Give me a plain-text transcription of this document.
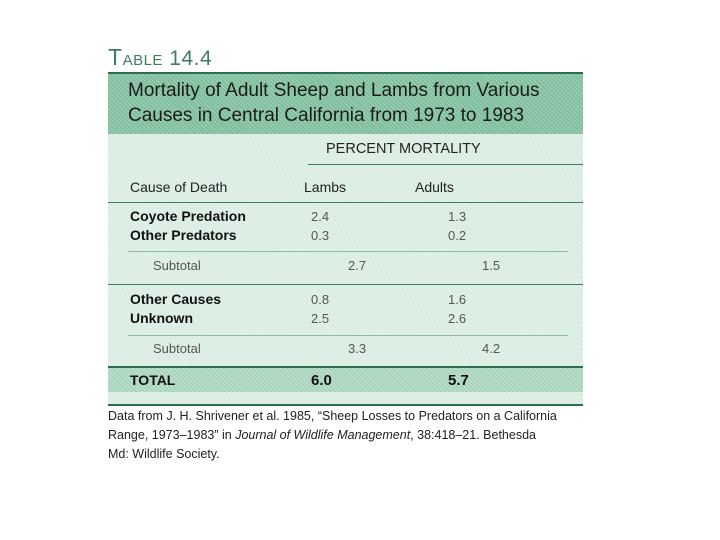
TABLE 14.4
Mortality of Adult Sheep and Lambs from Various
Causes in Central California from 1973 to 1983
PERCENT MORTALITY
Cause of Death	Lambs	Adults
Coyote Predation	2.4	1.3
Other Predators	0.3	0.2
Subtotal	2.7	1.5
Other Causes	0.8	1.6
Unknown	2.5	2.6
Subtotal	3.3	4.2
TOTAL	6.0	5.7
Data from J. H. Shrivener et al. 1985, “Sheep Losses to Predators on a California
Range, 1973–1983” in Journal of Wildlife Management, 38:418–21. Bethesda
Md: Wildlife Society.
